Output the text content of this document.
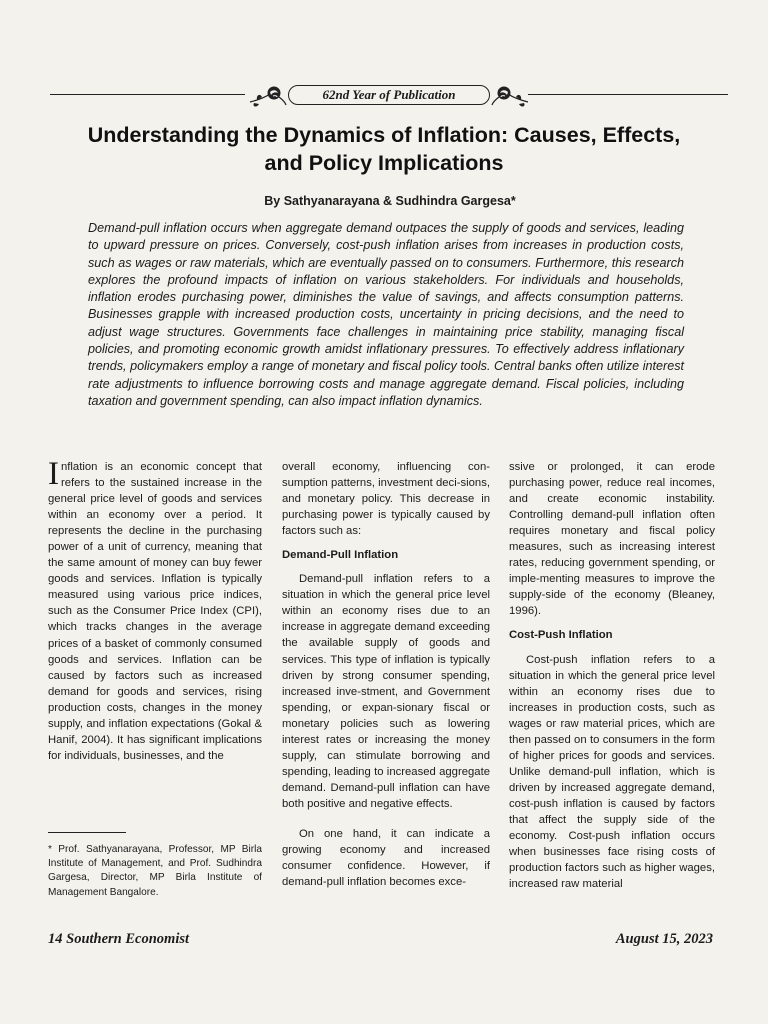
62nd Year of Publication
Understanding the Dynamics of Inflation: Causes, Effects,
and Policy Implications

By Sathyanarayana & Sudhindra Gargesa*

Demand-pull inflation occurs when aggregate demand outpaces the supply of goods and services, leading to upward pressure on prices. Conversely, cost-push inflation arises from increases in production costs, such as wages or raw materials, which are eventually passed on to consumers. Furthermore, this research explores the profound impacts of inflation on various stakeholders. For individuals and households, inflation erodes purchasing power, diminishes the value of savings, and affects consumption patterns. Businesses grapple with increased production costs, uncertainty in pricing decisions, and the need to adjust wage structures. Governments face challenges in maintaining price stability, managing fiscal policies, and promoting economic growth amidst inflationary pressures. To effectively address inflationary trends, policymakers employ a range of monetary and fiscal policy tools. Central banks often utilize interest rate adjustments to influence borrowing costs and manage aggregate demand. Fiscal policies, including taxation and government spending, can also impact inflation dynamics.

Inflation is an economic concept that refers to the sustained increase in the general price level of goods and services within an economy over a period. It represents the decline in the purchasing power of a unit of currency, meaning that the same amount of money can buy fewer goods and services. Inflation is typically measured using various price indices, such as the Consumer Price Index (CPI), which tracks changes in the average prices of a basket of commonly consumed goods and services. Inflation can be caused by factors such as increased demand for goods and services, rising production costs, changes in the money supply, and inflation expectations (Gokal & Hanif, 2004). It has significant implications for individuals, businesses, and the

* Prof. Sathyanarayana, Professor, MP Birla Institute of Management, and Prof. Sudhindra Gargesa, Director, MP Birla Institute of Management Bangalore.

overall economy, influencing con-sumption patterns, investment deci-sions, and monetary policy. This decrease in purchasing power is typically caused by factors such as:

Demand-Pull Inflation

Demand-pull inflation refers to a situation in which the general price level within an economy rises due to an increase in aggregate demand exceeding the available supply of goods and services. This type of inflation is typically driven by strong consumer spending, increased inve-stment, and Government spending, or expan-sionary fiscal or monetary policies such as lowering interest rates or increasing the money supply, can stimulate borrowing and spending, leading to increased aggregate demand. Demand-pull inflation can have both positive and negative effects.

On one hand, it can indicate a growing economy and increased consumer confidence. However, if demand-pull inflation becomes exce-

ssive or prolonged, it can erode purchasing power, reduce real incomes, and create economic instability. Controlling demand-pull inflation often requires monetary and fiscal policy measures, such as increasing interest rates, reducing government spending, or imple-menting measures to improve the supply-side of the economy (Bleaney, 1996).

Cost-Push Inflation

Cost-push inflation refers to a situation in which the general price level within an economy rises due to increases in production costs, such as wages or raw material prices, which are then passed on to consumers in the form of higher prices for goods and services. Unlike demand-pull inflation, which is driven by increased aggregate demand, cost-push inflation is caused by factors that affect the supply side of the economy. Cost-push inflation occurs when businesses face rising costs of production factors such as higher wages, increased raw material

14 Southern Economist	August 15, 2023
